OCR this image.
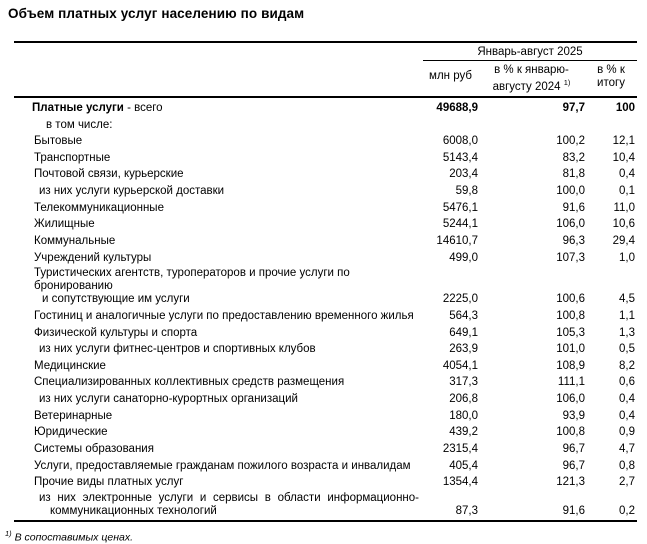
Объем платных услуг населению по видам
Январь-август 2025
млн руб	в % к январю-
августу 2024 $^{1)}$
в % к
итогу
Платные услуги - всего	49688,9	97,7	100
в том числе:
Бытовые	6008,0	100,2	12,1
Транспортные	5143,4	83,2	10,4
Почтовой связи, курьерские	203,4	81,8	0,4
из них услуги курьерской доставки	59,8	100,0	0,1
Телекоммуникационные	5476,1	91,6	11,0
Жилищные	5244,1	106,0	10,6
Коммунальные	14610,7	96,3	29,4
Учреждений культуры	499,0	107,3	1,0
Туристических агентств, туроператоров и прочие услуги по бронированию
и сопутствующие им услуги	2225,0	100,6	4,5
Гостиниц и аналогичные услуги по предоставлению временного жилья	564,3	100,8	1,1
Физической культуры и спорта	649,1	105,3	1,3
из них услуги фитнес-центров и спортивных клубов	263,9	101,0	0,5
Медицинские	4054,1	108,9	8,2
Специализированных коллективных средств размещения	317,3	111,1	0,6
из них услуги санаторно-курортных организаций	206,8	106,0	0,4
Ветеринарные	180,0	93,9	0,4
Юридические	439,2	100,8	0,9
Системы образования	2315,4	96,7	4,7
Услуги, предоставляемые гражданам пожилого возраста и инвалидам	405,4	96,7	0,8
Прочие виды платных услуг	1354,4	121,3	2,7
из них электронные услуги и сервисы в области информационно-
коммуникационных технологий	87,3	91,6	0,2
$^{1)}$ В сопоставимых ценах.
